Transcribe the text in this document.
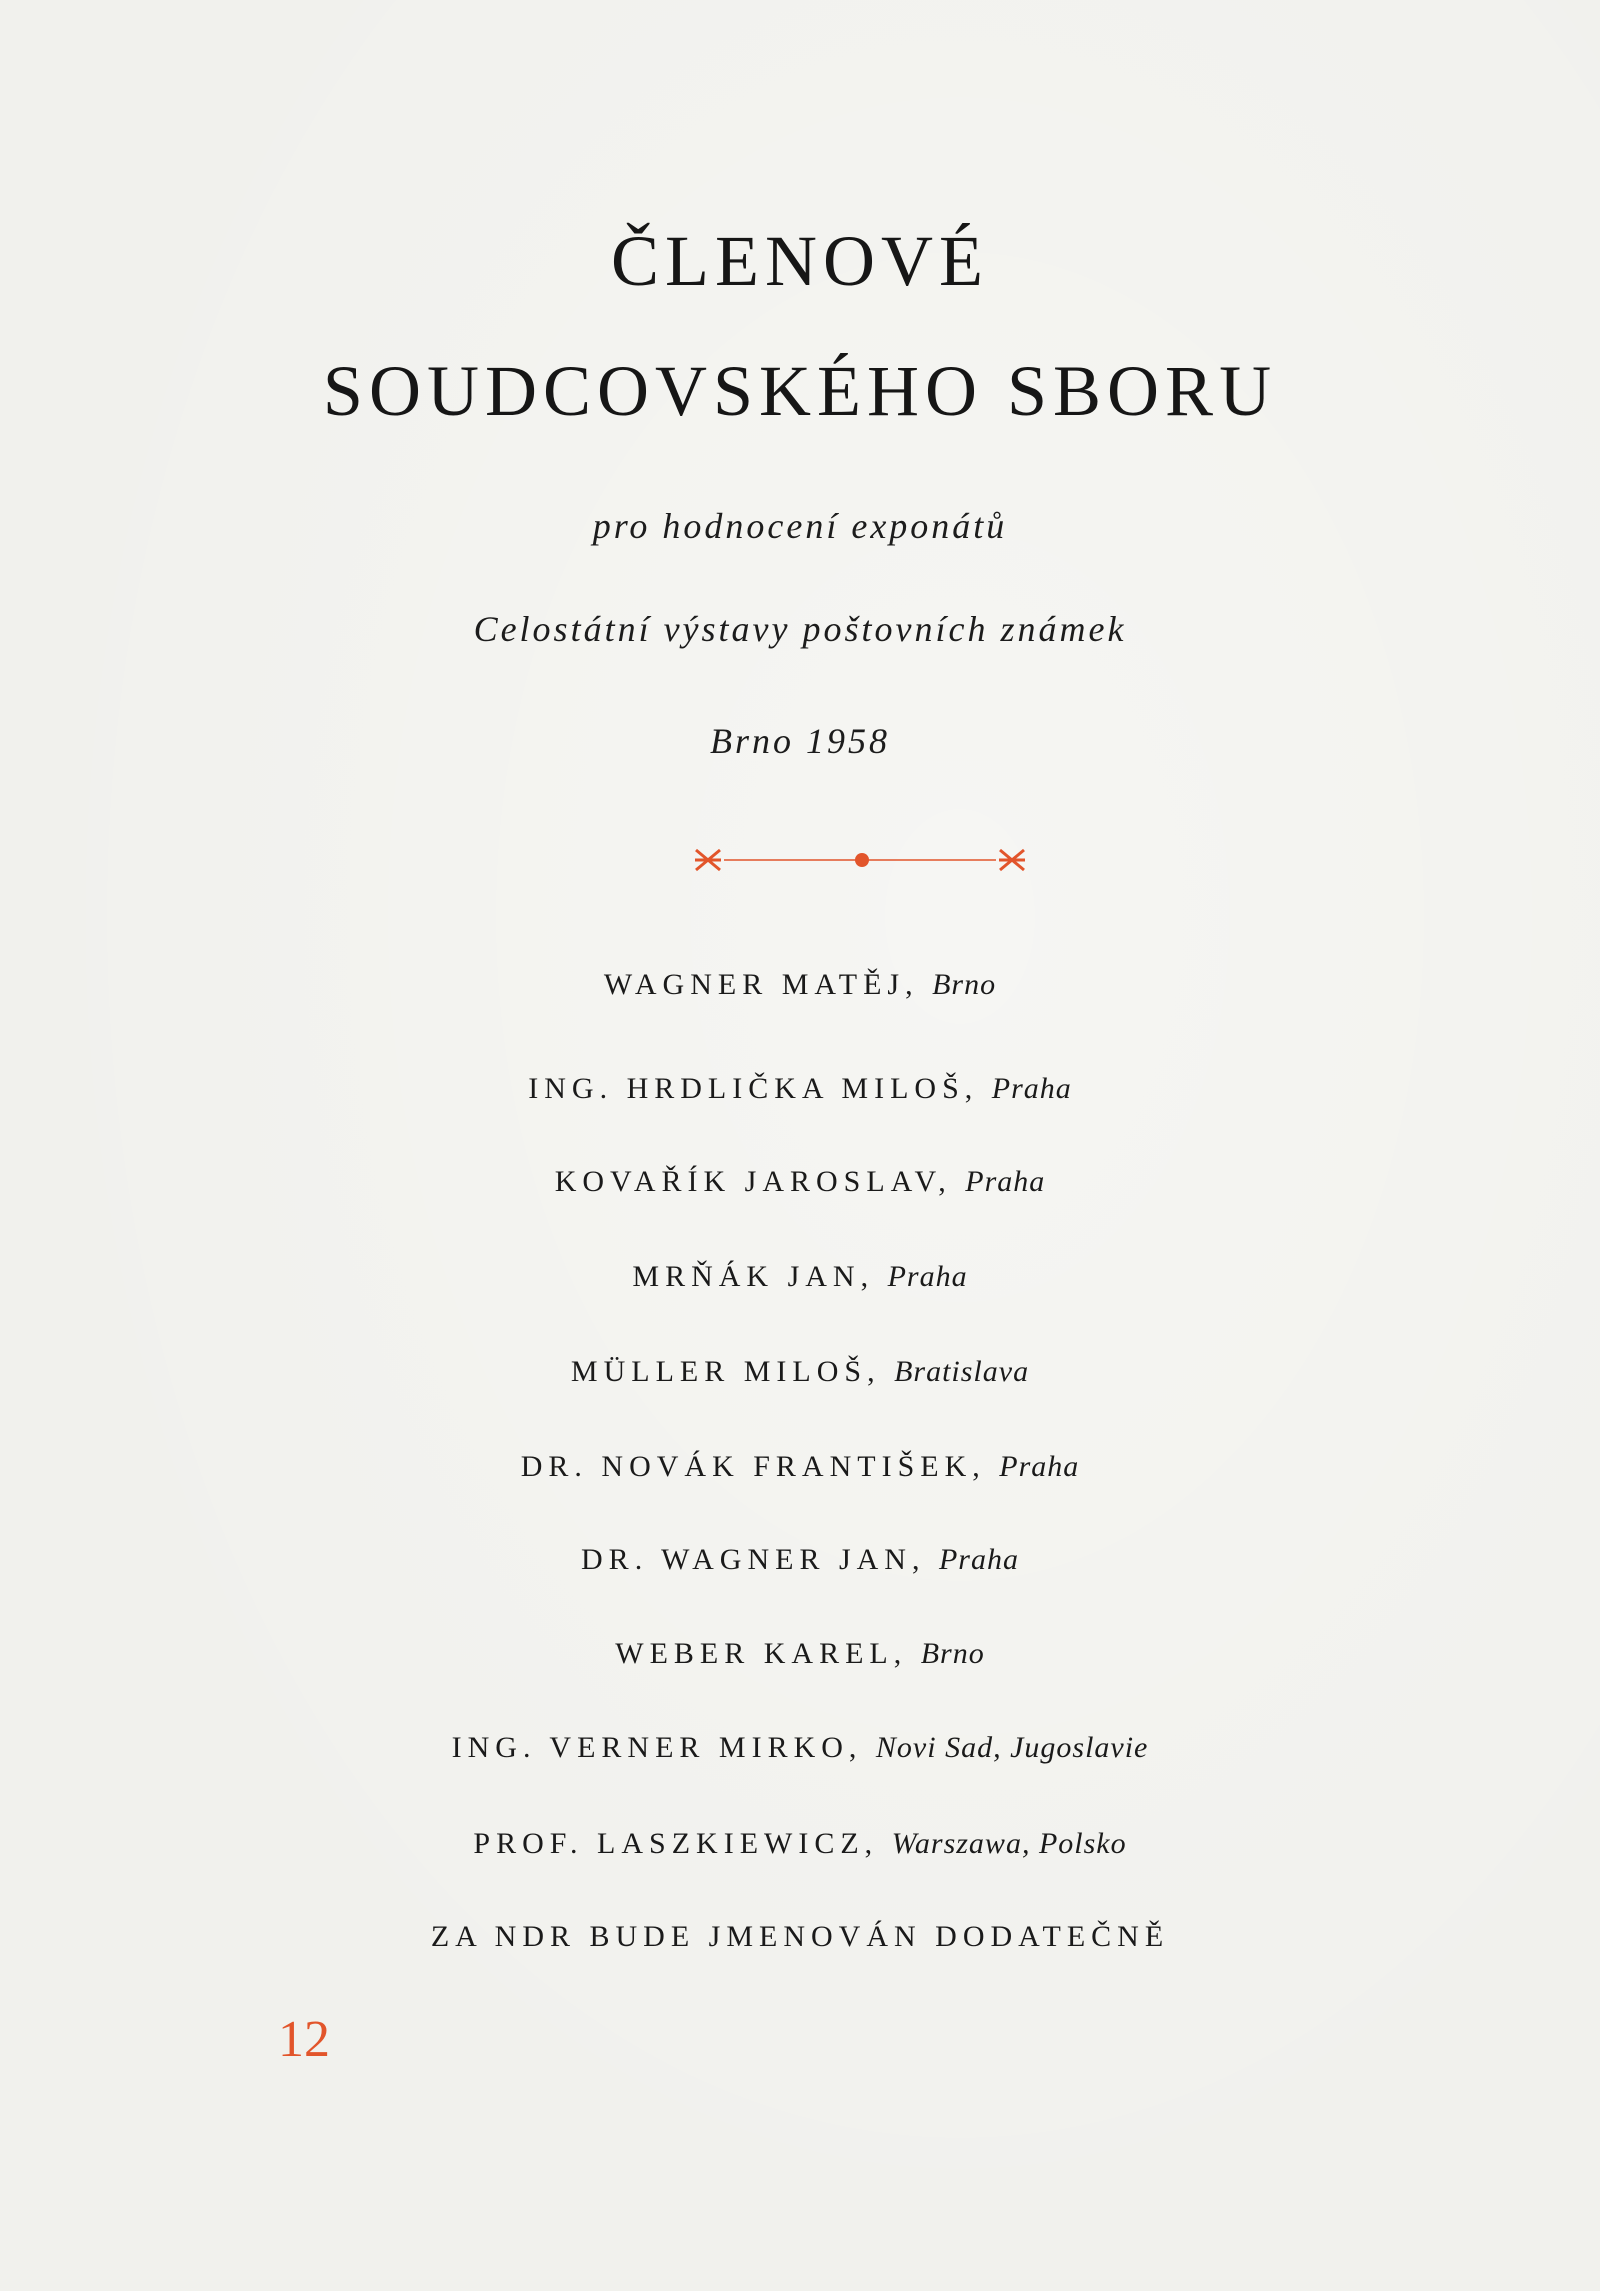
ČLENOVÉ
SOUDCOVSKÉHO SBORU

pro hodnocení exponátů

Celostátní výstavy poštovních známek

Brno 1958

WAGNER MATĚJ, Brno

ING. HRDLIČKA MILOŠ, Praha

KOVAŘÍK JAROSLAV, Praha

MRŇÁK JAN, Praha

MÜLLER MILOŠ, Bratislava

DR. NOVÁK FRANTIŠEK, Praha

DR. WAGNER JAN, Praha

WEBER KAREL, Brno

ING. VERNER MIRKO, Novi Sad, Jugoslavie

PROF. LASZKIEWICZ, Warszawa, Polsko

ZA NDR BUDE JMENOVÁN DODATEČNĚ

12
